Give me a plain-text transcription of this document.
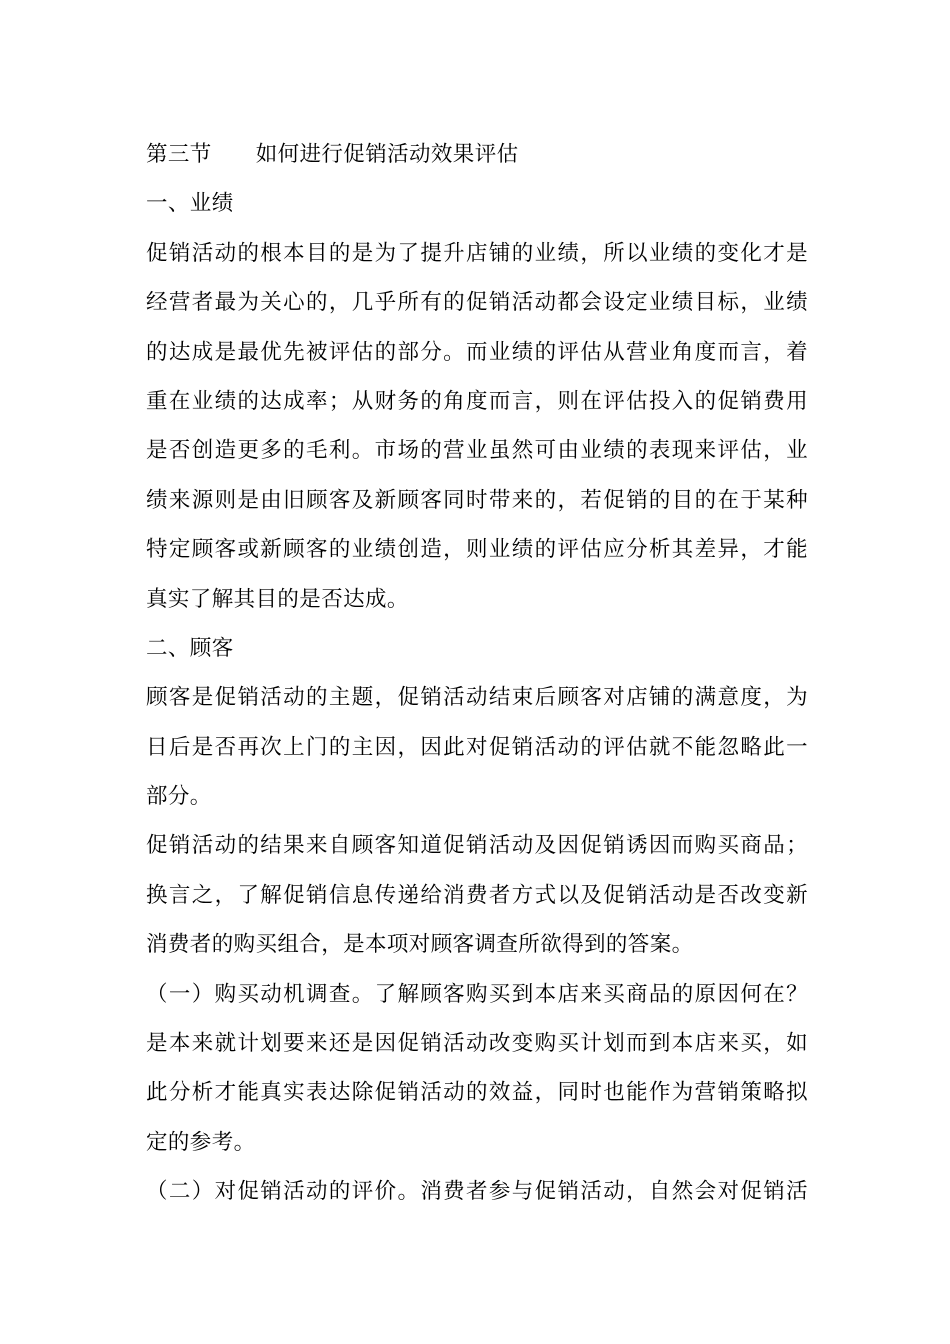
第三节 如何进行促销活动效果评估
一、业绩
促销活动的根本目的是为了提升店铺的业绩，所以业绩的变化才是
经营者最为关心的，几乎所有的促销活动都会设定业绩目标，业绩
的达成是最优先被评估的部分。而业绩的评估从营业角度而言，着
重在业绩的达成率；从财务的角度而言，则在评估投入的促销费用
是否创造更多的毛利。市场的营业虽然可由业绩的表现来评估，业
绩来源则是由旧顾客及新顾客同时带来的，若促销的目的在于某种
特定顾客或新顾客的业绩创造，则业绩的评估应分析其差异，才能
真实了解其目的是否达成。
二、顾客
顾客是促销活动的主题，促销活动结束后顾客对店铺的满意度，为
日后是否再次上门的主因，因此对促销活动的评估就不能忽略此一
部分。
促销活动的结果来自顾客知道促销活动及因促销诱因而购买商品；
换言之，了解促销信息传递给消费者方式以及促销活动是否改变新
消费者的购买组合，是本项对顾客调查所欲得到的答案。
（一）购买动机调查。了解顾客购买到本店来买商品的原因何在？
是本来就计划要来还是因促销活动改变购买计划而到本店来买，如
此分析才能真实表达除促销活动的效益，同时也能作为营销策略拟
定的参考。
（二）对促销活动的评价。消费者参与促销活动，自然会对促销活
